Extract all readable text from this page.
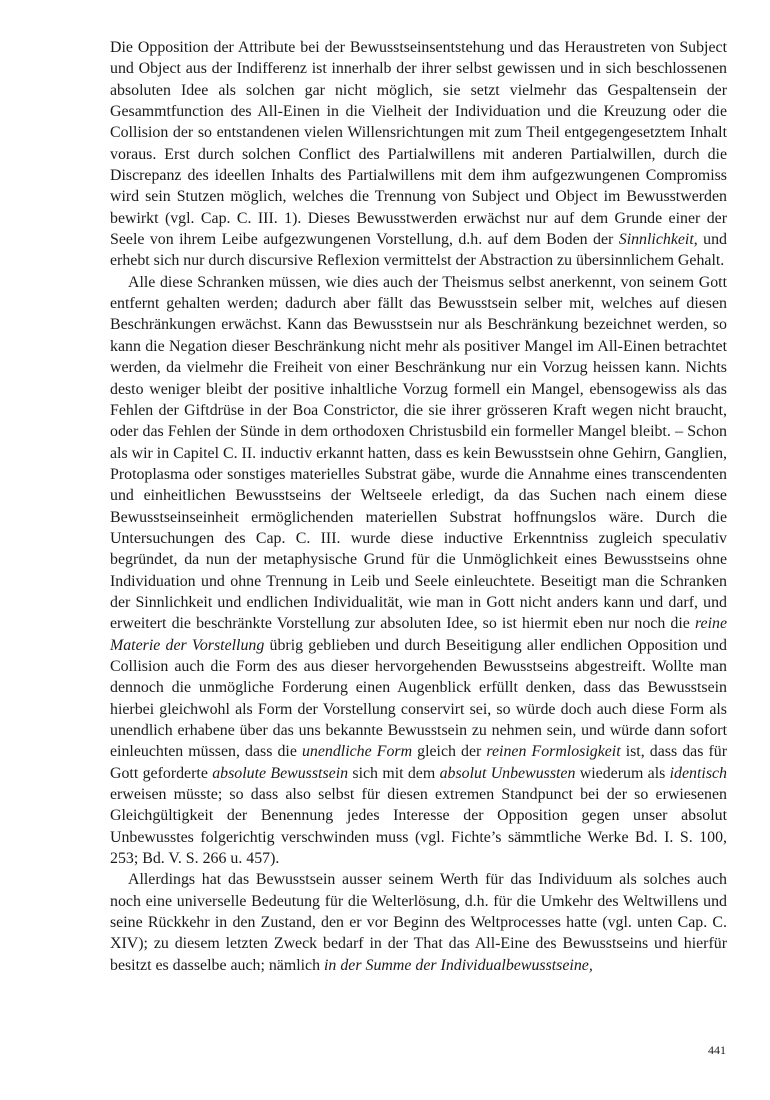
Die Opposition der Attribute bei der Bewusstseinsentstehung und das Heraustreten von Subject und Object aus der Indifferenz ist innerhalb der ihrer selbst gewissen und in sich beschlossenen absoluten Idee als solchen gar nicht möglich, sie setzt vielmehr das Gespaltensein der Gesammtfunction des All-Einen in die Vielheit der Individuation und die Kreuzung oder die Collision der so entstandenen vielen Willensrichtungen mit zum Theil entgegengesetztem Inhalt voraus. Erst durch solchen Conflict des Partialwillens mit anderen Partialwillen, durch die Discrepanz des ideellen Inhalts des Partialwillens mit dem ihm aufgezwungenen Compromiss wird sein Stutzen möglich, welches die Trennung von Subject und Object im Bewusstwerden bewirkt (vgl. Cap. C. III. 1). Dieses Bewusstwerden erwächst nur auf dem Grunde einer der Seele von ihrem Leibe aufgezwungenen Vorstellung, d.h. auf dem Boden der Sinnlichkeit, und erhebt sich nur durch discursive Reflexion vermittelst der Abstraction zu übersinnlichem Gehalt.

Alle diese Schranken müssen, wie dies auch der Theismus selbst anerkennt, von seinem Gott entfernt gehalten werden; dadurch aber fällt das Bewusstsein selber mit, welches auf diesen Beschränkungen erwächst. Kann das Bewusstsein nur als Beschränkung bezeichnet werden, so kann die Negation dieser Beschränkung nicht mehr als positiver Mangel im All-Einen betrachtet werden, da vielmehr die Freiheit von einer Beschränkung nur ein Vorzug heissen kann. Nichts desto weniger bleibt der positive inhaltliche Vorzug formell ein Mangel, ebensogewiss als das Fehlen der Giftdrüse in der Boa Constrictor, die sie ihrer grösseren Kraft wegen nicht braucht, oder das Fehlen der Sünde in dem orthodoxen Christusbild ein formeller Mangel bleibt. – Schon als wir in Capitel C. II. inductiv erkannt hatten, dass es kein Bewusstsein ohne Gehirn, Ganglien, Protoplasma oder sonstiges materielles Substrat gäbe, wurde die Annahme eines transcendenten und einheitlichen Bewusstseins der Weltseele erledigt, da das Suchen nach einem diese Bewusstseinseinheit ermöglichenden materiellen Substrat hoffnungslos wäre. Durch die Untersuchungen des Cap. C. III. wurde diese inductive Erkenntniss zugleich speculativ begründet, da nun der metaphysische Grund für die Unmöglichkeit eines Bewusstseins ohne Individuation und ohne Trennung in Leib und Seele einleuchtete. Beseitigt man die Schranken der Sinnlichkeit und endlichen Individualität, wie man in Gott nicht anders kann und darf, und erweitert die beschränkte Vorstellung zur absoluten Idee, so ist hiermit eben nur noch die reine Materie der Vorstellung übrig geblieben und durch Beseitigung aller endlichen Opposition und Collision auch die Form des aus dieser hervorgehenden Bewusstseins abgestreift. Wollte man dennoch die unmögliche Forderung einen Augenblick erfüllt denken, dass das Bewusstsein hierbei gleichwohl als Form der Vorstellung conservirt sei, so würde doch auch diese Form als unendlich erhabene über das uns bekannte Bewusstsein zu nehmen sein, und würde dann sofort einleuchten müssen, dass die unendliche Form gleich der reinen Formlosigkeit ist, dass das für Gott geforderte absolute Bewusstsein sich mit dem absolut Unbewussten wiederum als identisch erweisen müsste; so dass also selbst für diesen extremen Standpunct bei der so erwiesenen Gleichgültigkeit der Benennung jedes Interesse der Opposition gegen unser absolut Unbewusstes folgerichtig verschwinden muss (vgl. Fichte’s sämmtliche Werke Bd. I. S. 100, 253; Bd. V. S. 266 u. 457).

Allerdings hat das Bewusstsein ausser seinem Werth für das Individuum als solches auch noch eine universelle Bedeutung für die Welterlösung, d.h. für die Umkehr des Weltwillens und seine Rückkehr in den Zustand, den er vor Beginn des Weltprocesses hatte (vgl. unten Cap. C. XIV); zu diesem letzten Zweck bedarf in der That das All-Eine des Bewusstseins und hierfür besitzt es dasselbe auch; nämlich in der Summe der Individualbewusstseine,

441
